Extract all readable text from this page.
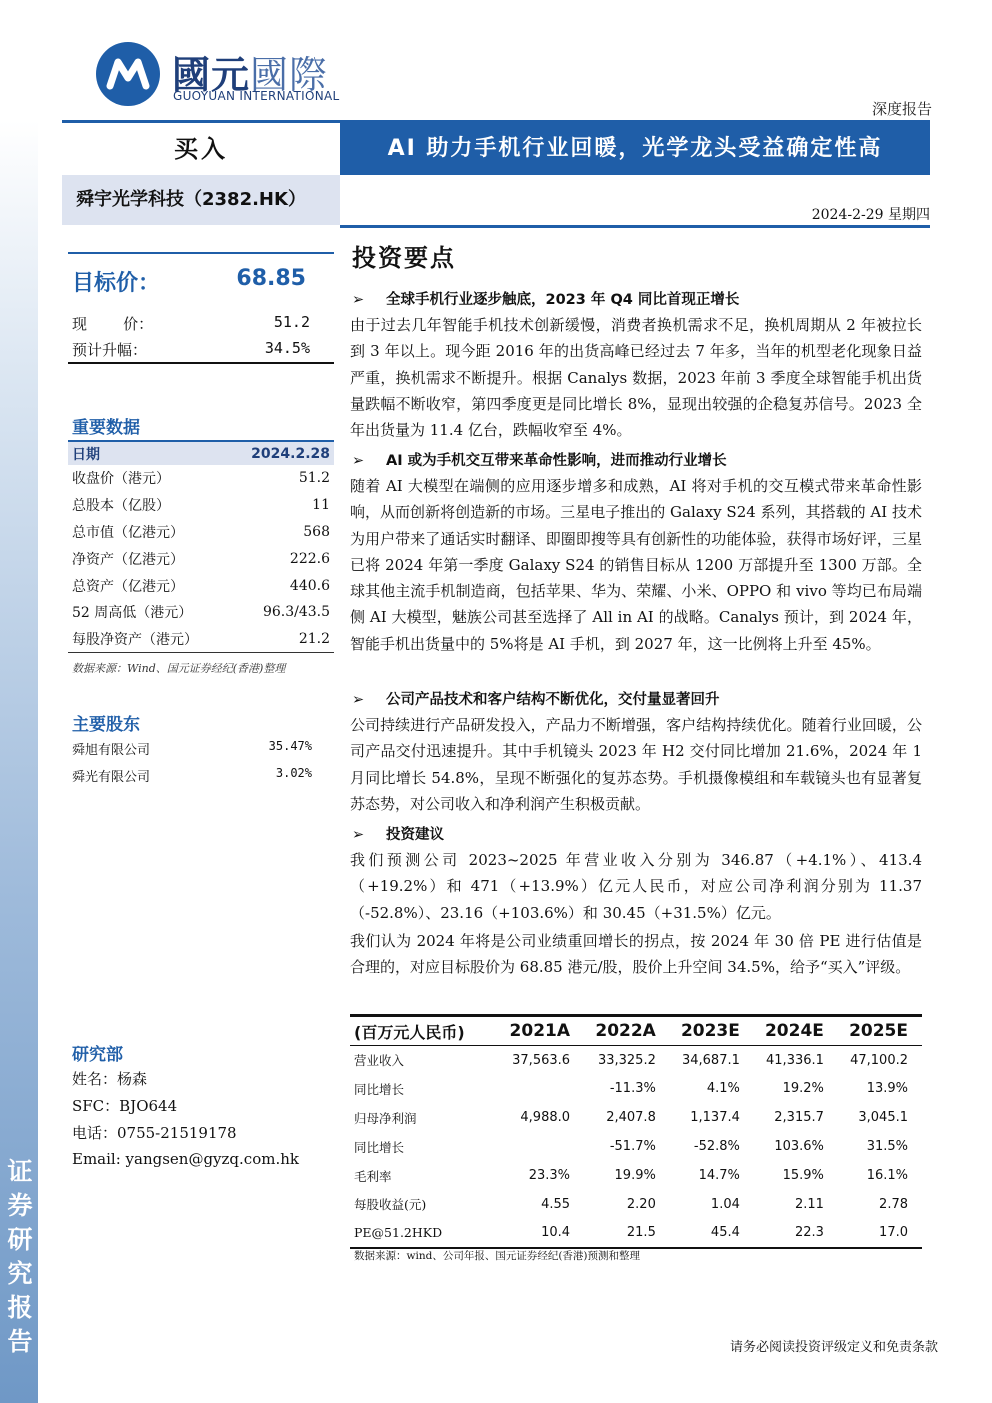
证
券
研
究
报
告
國元國際
GUOYUAN INTERNATIONAL
深度报告
买入	AI 助力手机行业回暖，光学龙头受益确定性高
舜宇光学科技（2382.HK）
2024-2-29 星期四
目标价：	68.85
现    价：	51.2
预计升幅：	34.5%
重要数据
日期	2024.2.28
收盘价（港元）	51.2
总股本（亿股）	11
总市值（亿港元）	568
净资产（亿港元）	222.6
总资产（亿港元）	440.6
52 周高低（港元）	96.3/43.5
每股净资产（港元）	21.2
数据来源：Wind、国元证券经纪(香港)整理
主要股东
舜旭有限公司	35.47%
舜光有限公司	3.02%
研究部
姓名：杨森
SFC：BJO644
电话：0755-21519178
Email: yangsen@gyzq.com.hk
投资要点
➢ 全球手机行业逐步触底，2023 年 Q4 同比首现正增长
由于过去几年智能手机技术创新缓慢，消费者换机需求不足，换机周期从 2 年被拉长到 3 年以上。现今距 2016 年的出货高峰已经过去 7 年多，当年的机型老化现象日益严重，换机需求不断提升。根据 Canalys 数据，2023 年前 3 季度全球智能手机出货量跌幅不断收窄，第四季度更是同比增长 8%，显现出较强的企稳复苏信号。2023 全年出货量为 11.4 亿台，跌幅收窄至 4%。
➢ AI 或为手机交互带来革命性影响，进而推动行业增长
随着 AI 大模型在端侧的应用逐步增多和成熟，AI 将对手机的交互模式带来革命性影响，从而创新将创造新的市场。三星电子推出的 Galaxy S24 系列，其搭载的 AI 技术为用户带来了通话实时翻译、即圈即搜等具有创新性的功能体验，获得市场好评，三星已将 2024 年第一季度 Galaxy S24 的销售目标从 1200 万部提升至 1300 万部。全球其他主流手机制造商，包括苹果、华为、荣耀、小米、OPPO 和 vivo 等均已布局端侧 AI 大模型，魅族公司甚至选择了 All in AI 的战略。Canalys 预计，到 2024 年，智能手机出货量中的 5%将是 AI 手机，到 2027 年，这一比例将上升至 45%。
➢ 公司产品技术和客户结构不断优化，交付量显著回升
公司持续进行产品研发投入，产品力不断增强，客户结构持续优化。随着行业回暖，公司产品交付迅速提升。其中手机镜头 2023 年 H2 交付同比增加 21.6%，2024 年 1 月同比增长 54.8%，呈现不断强化的复苏态势。手机摄像模组和车载镜头也有显著复苏态势，对公司收入和净利润产生积极贡献。
➢ 投资建议
我们预测公司 2023~2025 年营业收入分别为 346.87（+4.1%）、413.4（+19.2%）和 471（+13.9%）亿元人民币，对应公司净利润分别为 11.37（-52.8%）、23.16（+103.6%）和 30.45（+31.5%）亿元。
我们认为 2024 年将是公司业绩重回增长的拐点，按 2024 年 30 倍 PE 进行估值是合理的，对应目标股价为 68.85 港元/股，股价上升空间 34.5%，给予“买入”评级。
(百万元人民币)	2021A	2022A	2023E	2024E	2025E
营业收入	37,563.6	33,325.2	34,687.1	41,336.1	47,100.2
同比增长		-11.3%	4.1%	19.2%	13.9%
归母净利润	4,988.0	2,407.8	1,137.4	2,315.7	3,045.1
同比增长		-51.7%	-52.8%	103.6%	31.5%
毛利率	23.3%	19.9%	14.7%	15.9%	16.1%
每股收益(元)	4.55	2.20	1.04	2.11	2.78
PE@51.2HKD	10.4	21.5	45.4	22.3	17.0
数据来源：wind、公司年报、国元证券经纪(香港)预测和整理
请务必阅读投资评级定义和免责条款
